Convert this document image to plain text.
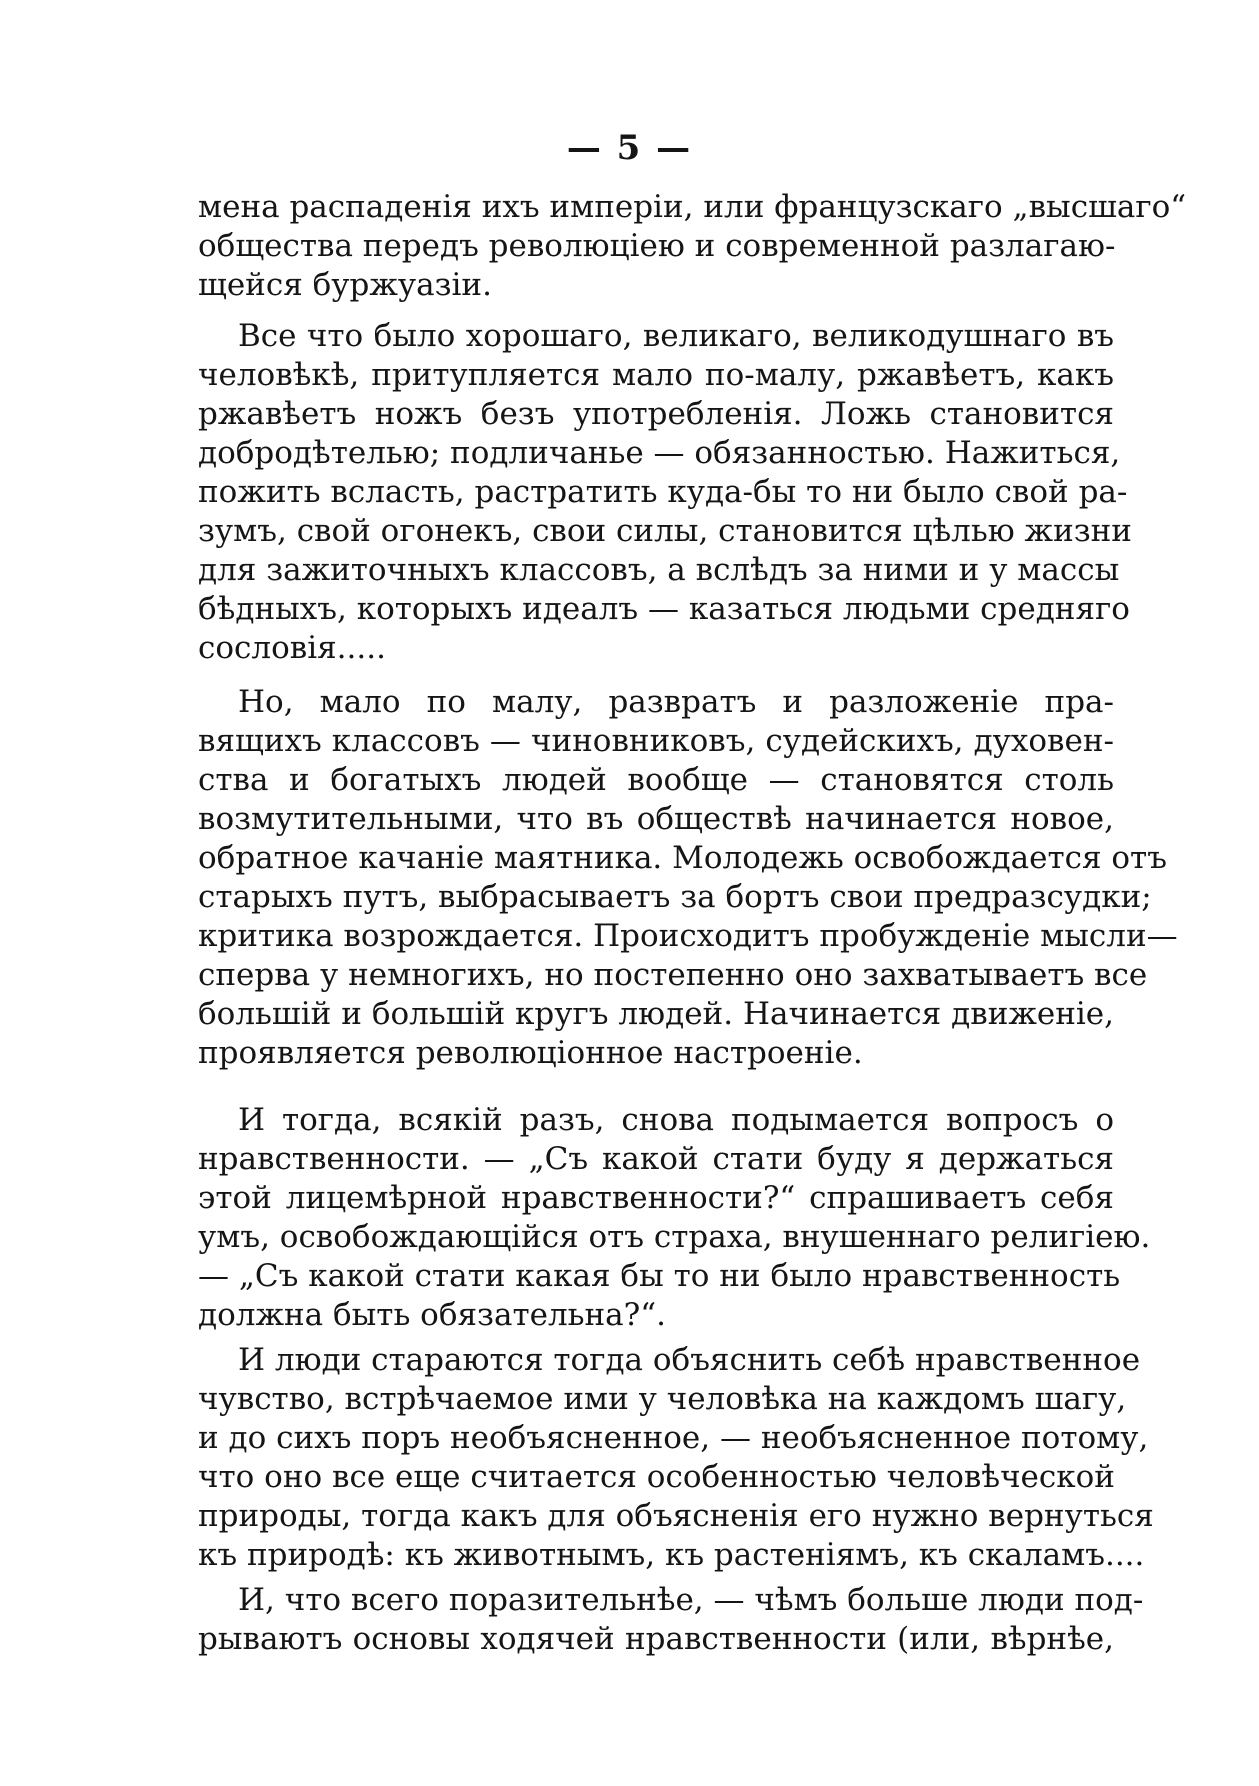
— 5 —
мена распаденія ихъ имперіи, или французскаго „высшаго“
общества передъ революціею и современной разлагаю-
щейся буржуазіи.
Все что было хорошаго, великаго, великодушнаго въ
человѣкѣ, притупляется мало по-малу, ржавѣетъ, какъ
ржавѣетъ ножъ безъ употребленія. Ложь становится
добродѣтелью; подличанье — обязанностью. Нажиться,
пожить всласть, растратить куда-бы то ни было свой ра-
зумъ, свой огонекъ, свои силы, становится цѣлью жизни
для зажиточныхъ классовъ, а вслѣдъ за ними и у массы
бѣдныхъ, которыхъ идеалъ — казаться людьми средняго
сословія.....
Но, мало по малу, развратъ и разложеніе пра-
вящихъ классовъ — чиновниковъ, судейскихъ, духовен-
ства и богатыхъ людей вообще — становятся столь
возмутительными, что въ обществѣ начинается новое,
обратное качаніе маятника. Молодежь освобождается отъ
старыхъ путъ, выбрасываетъ за бортъ свои предразсудки;
критика возрождается. Происходитъ пробужденіе мысли—
сперва у немногихъ, но постепенно оно захватываетъ все
большій и большій кругъ людей. Начинается движеніе,
проявляется революціонное настроеніе.
И тогда, всякій разъ, снова подымается вопросъ о
нравственности. — „Съ какой стати буду я держаться
этой лицемѣрной нравственности?“ спрашиваетъ себя
умъ, освобождающійся отъ страха, внушеннаго религіею.
— „Съ какой стати какая бы то ни было нравственность
должна быть обязательна?“.
И люди стараются тогда объяснить себѣ нравственное
чувство, встрѣчаемое ими у человѣка на каждомъ шагу,
и до сихъ поръ необъясненное, — необъясненное потому,
что оно все еще считается особенностью человѣческой
природы, тогда какъ для объясненія его нужно вернуться
къ природѣ: къ животнымъ, къ растеніямъ, къ скаламъ....
И, что всего поразительнѣе, — чѣмъ больше люди под-
рываютъ основы ходячей нравственности (или, вѣрнѣе,
